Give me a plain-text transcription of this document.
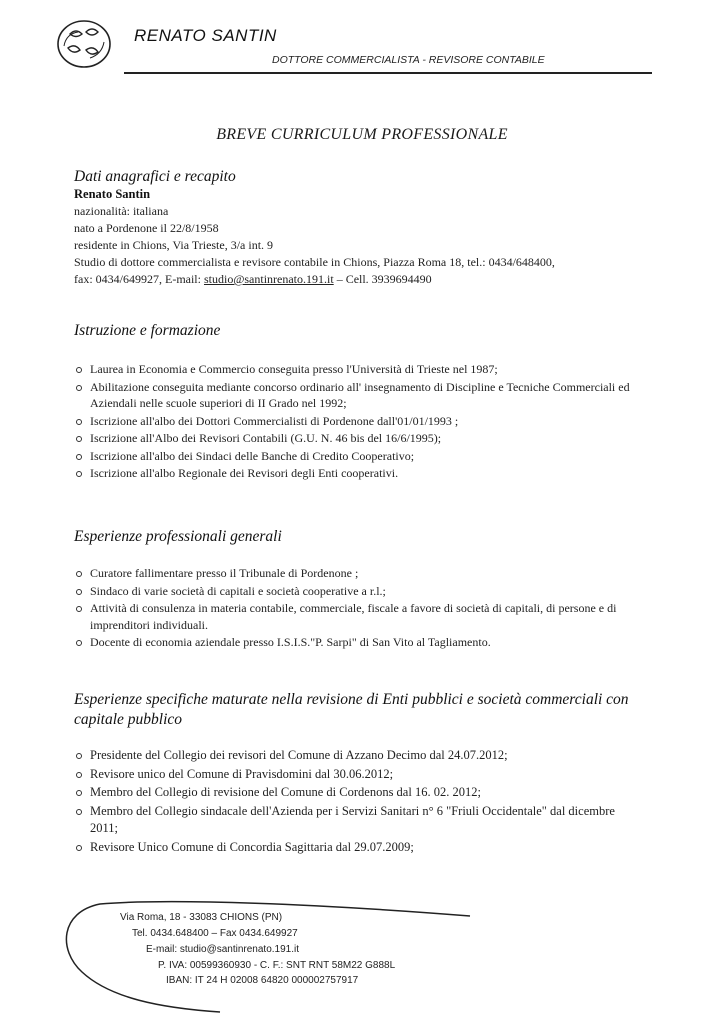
RENATO SANTIN
DOTTORE COMMERCIALISTA - REVISORE CONTABILE
BREVE CURRICULUM PROFESSIONALE
Dati anagrafici e recapito
Renato Santin
nazionalità: italiana
nato a Pordenone il 22/8/1958
residente in Chions, Via Trieste, 3/a int. 9
Studio di dottore commercialista e revisore contabile in Chions, Piazza Roma 18, tel.: 0434/648400,
fax: 0434/649927, E-mail: studio@santinrenato.191.it – Cell. 3939694490
Istruzione e formazione
Laurea in Economia e Commercio conseguita presso l'Università di Trieste nel 1987;
Abilitazione conseguita mediante concorso ordinario all' insegnamento di Discipline e Tecniche Commerciali ed Aziendali nelle scuole superiori di II Grado nel 1992;
Iscrizione all'albo dei Dottori Commercialisti di Pordenone dall'01/01/1993 ;
Iscrizione all'Albo dei Revisori Contabili (G.U. N. 46 bis del 16/6/1995);
Iscrizione all'albo dei Sindaci delle Banche di Credito Cooperativo;
Iscrizione all'albo Regionale dei Revisori degli Enti cooperativi.
Esperienze professionali generali
Curatore fallimentare presso il Tribunale di Pordenone ;
Sindaco di varie società di capitali e società cooperative a r.l.;
Attività di consulenza in materia contabile, commerciale, fiscale a favore di società di capitali, di persone e di imprenditori individuali.
Docente di economia aziendale presso I.S.I.S."P. Sarpi" di San Vito al Tagliamento.
Esperienze specifiche maturate nella revisione di Enti pubblici e società commerciali con capitale pubblico
Presidente del Collegio dei revisori del Comune di Azzano Decimo dal 24.07.2012;
Revisore unico del Comune di Pravisdomini dal 30.06.2012;
Membro del Collegio di revisione del Comune di Cordenons dal 16. 02. 2012;
Membro del Collegio sindacale dell'Azienda per i Servizi Sanitari n° 6 "Friuli Occidentale" dal dicembre 2011;
Revisore Unico Comune di Concordia Sagittaria dal 29.07.2009;
Via Roma, 18 - 33083 CHIONS (PN)
Tel. 0434.648400 – Fax 0434.649927
E-mail: studio@santinrenato.191.it
P. IVA: 00599360930 - C. F.: SNT RNT 58M22 G888L
IBAN: IT 24 H 02008 64820 000002757917
